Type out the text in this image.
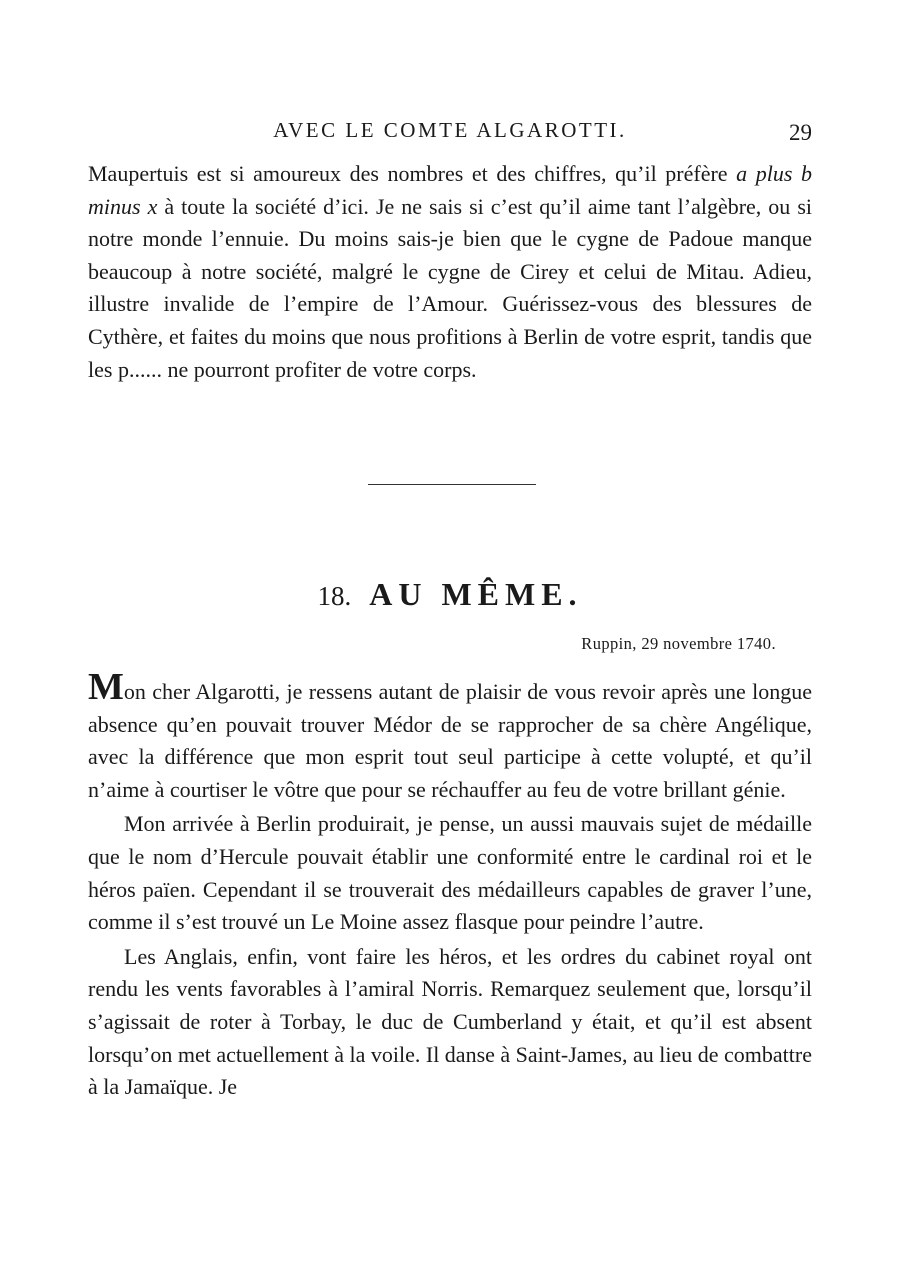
AVEC LE COMTE ALGAROTTI.	29

Maupertuis est si amoureux des nombres et des chiffres, qu’il préfère a plus b minus x à toute la société d’ici. Je ne sais si c’est qu’il aime tant l’algèbre, ou si notre monde l’ennuie. Du moins sais-je bien que le cygne de Padoue manque beaucoup à notre société, malgré le cygne de Cirey et celui de Mitau. Adieu, illustre invalide de l’empire de l’Amour. Guérissez-vous des blessures de Cythère, et faites du moins que nous profitions à Berlin de votre esprit, tandis que les p...... ne pourront profiter de votre corps.

18. AU MÊME.
Ruppin, 29 novembre 1740.

Mon cher Algarotti, je ressens autant de plaisir de vous revoir après une longue absence qu’en pouvait trouver Médor de se rapprocher de sa chère Angélique, avec la différence que mon esprit tout seul participe à cette volupté, et qu’il n’aime à courtiser le vôtre que pour se réchauffer au feu de votre brillant génie.

Mon arrivée à Berlin produirait, je pense, un aussi mauvais sujet de médaille que le nom d’Hercule pouvait établir une conformité entre le cardinal roi et le héros païen. Cependant il se trouverait des médailleurs capables de graver l’une, comme il s’est trouvé un Le Moine assez flasque pour peindre l’autre.

Les Anglais, enfin, vont faire les héros, et les ordres du cabinet royal ont rendu les vents favorables à l’amiral Norris. Remarquez seulement que, lorsqu’il s’agissait de roter à Torbay, le duc de Cumberland y était, et qu’il est absent lorsqu’on met actuellement à la voile. Il danse à Saint-James, au lieu de combattre à la Jamaïque. Je
